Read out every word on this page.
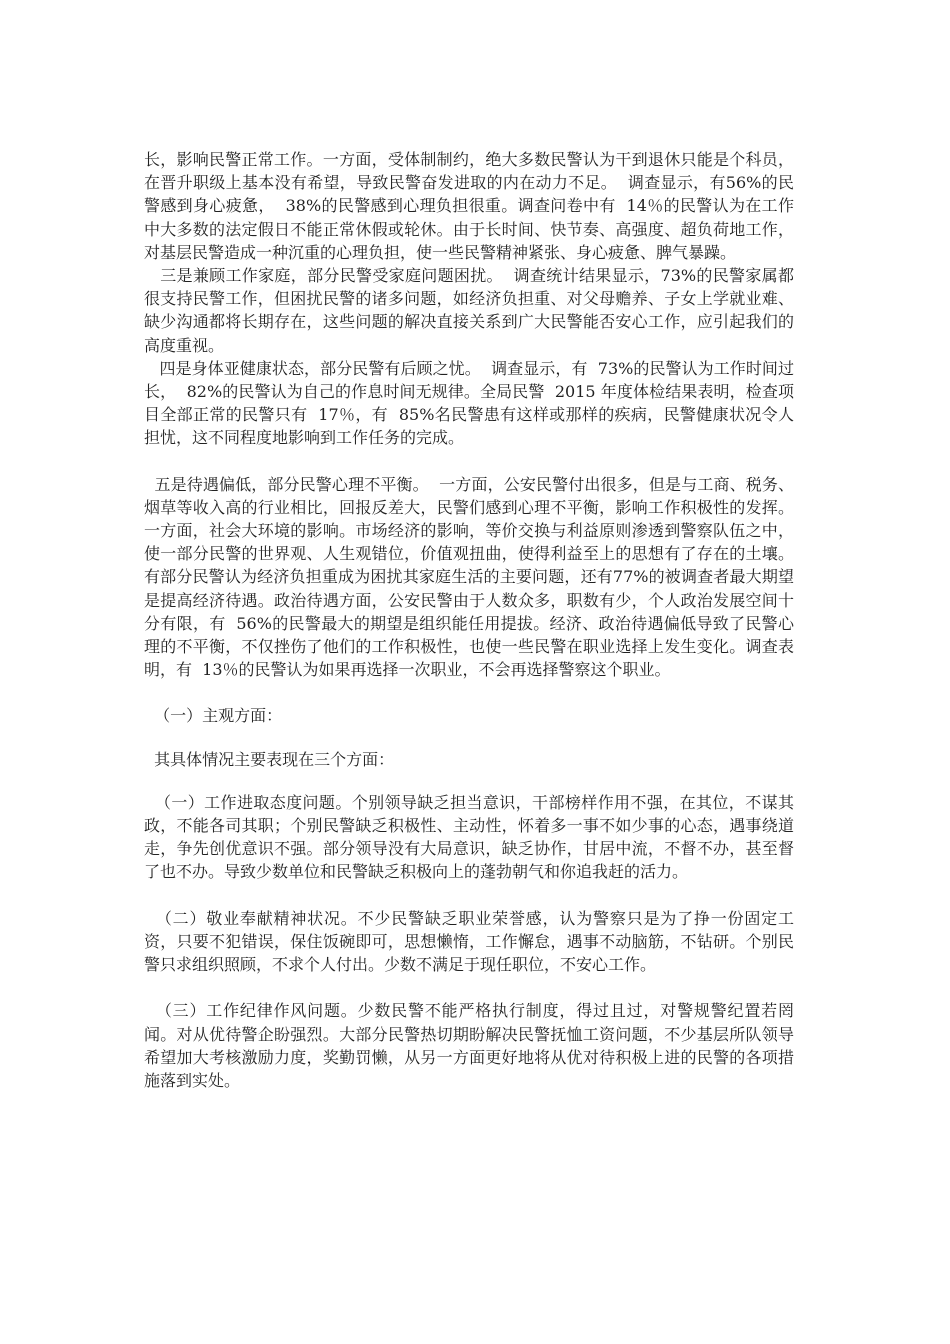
长，影响民警正常工作。一方面，受体制制约，绝大多数民警认为干到退休只能是个科员，在晋升职级上基本没有希望，导致民警奋发进取的内在动力不足。  调查显示，有56%的民警感到身心疲惫，  38%的民警感到心理负担很重。调查问卷中有  14％的民警认为在工作中大多数的法定假日不能正常休假或轮休。由于长时间、快节奏、高强度、超负荷地工作，对基层民警造成一种沉重的心理负担，使一些民警精神紧张、身心疲惫、脾气暴躁。

三是兼顾工作家庭，部分民警受家庭问题困扰。  调查统计结果显示，73%的民警家属都很支持民警工作，但困扰民警的诸多问题，如经济负担重、对父母赡养、子女上学就业难、缺少沟通都将长期存在，这些问题的解决直接关系到广大民警能否安心工作，应引起我们的高度重视。

四是身体亚健康状态，部分民警有后顾之忧。  调查显示，有  73%的民警认为工作时间过长，  82%的民警认为自己的作息时间无规律。全局民警  2015 年度体检结果表明，检查项目全部正常的民警只有  17％，有  85%名民警患有这样或那样的疾病，民警健康状况令人担忧，这不同程度地影响到工作任务的完成。

五是待遇偏低，部分民警心理不平衡。  一方面，公安民警付出很多，但是与工商、税务、烟草等收入高的行业相比，回报反差大，民警们感到心理不平衡，影响工作积极性的发挥。一方面，社会大环境的影响。市场经济的影响，等价交换与利益原则渗透到警察队伍之中，使一部分民警的世界观、人生观错位，价值观扭曲，使得利益至上的思想有了存在的土壤。有部分民警认为经济负担重成为困扰其家庭生活的主要问题，还有77%的被调查者最大期望是提高经济待遇。政治待遇方面，公安民警由于人数众多，职数有少，个人政治发展空间十分有限，有  56%的民警最大的期望是组织能任用提拔。经济、政治待遇偏低导致了民警心理的不平衡，不仅挫伤了他们的工作积极性，也使一些民警在职业选择上发生变化。调查表明，有  13％的民警认为如果再选择一次职业，不会再选择警察这个职业。

（一）主观方面：

其具体情况主要表现在三个方面：

（一）工作进取态度问题。个别领导缺乏担当意识，干部榜样作用不强，在其位，不谋其政，不能各司其职；个别民警缺乏积极性、主动性，怀着多一事不如少事的心态，遇事绕道走，争先创优意识不强。部分领导没有大局意识，缺乏协作，甘居中流，不督不办，甚至督了也不办。导致少数单位和民警缺乏积极向上的蓬勃朝气和你追我赶的活力。

（二）敬业奉献精神状况。不少民警缺乏职业荣誉感，认为警察只是为了挣一份固定工资，只要不犯错误，保住饭碗即可，思想懒惰，工作懈怠，遇事不动脑筋，不钻研。个别民警只求组织照顾，不求个人付出。少数不满足于现任职位，不安心工作。

（三）工作纪律作风问题。少数民警不能严格执行制度，得过且过，对警规警纪置若罔闻。对从优待警企盼强烈。大部分民警热切期盼解决民警抚恤工资问题，不少基层所队领导希望加大考核激励力度，奖勤罚懒，从另一方面更好地将从优对待积极上进的民警的各项措施落到实处。
